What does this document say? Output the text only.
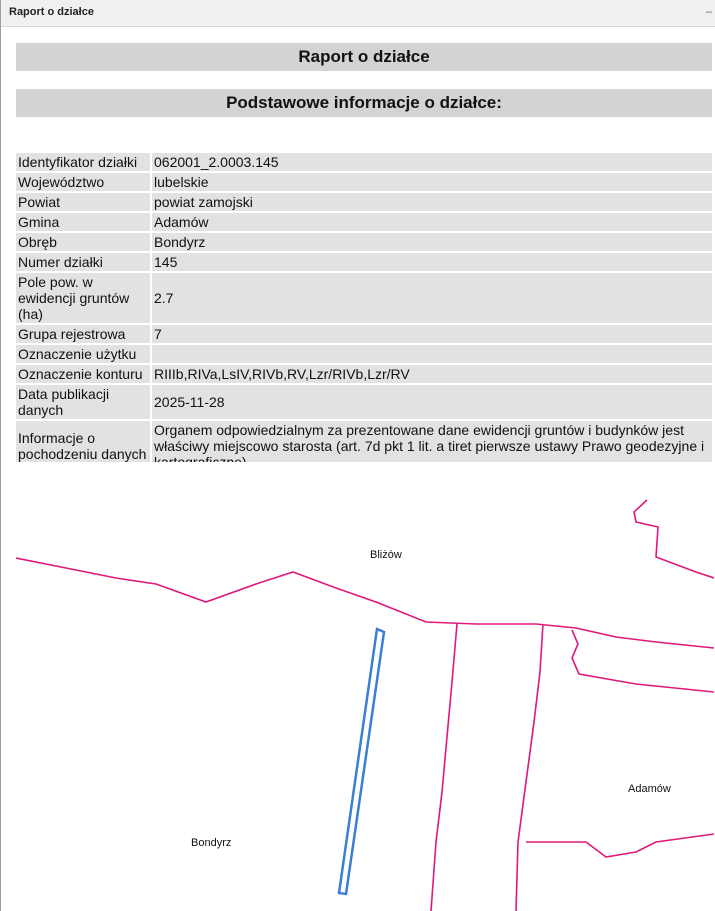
Raport o działce	–
Raport o działce
Podstawowe informacje o działce:
Identyfikator działki	062001_2.0003.145
Województwo	lubelskie
Powiat	powiat zamojski
Gmina	Adamów
Obręb	Bondyrz
Numer działki	145
Pole pow. w ewidencji gruntów (ha)	2.7
Grupa rejestrowa	7
Oznaczenie użytku	
Oznaczenie konturu	RIIIb,RIVa,LsIV,RIVb,RV,Lzr/RIVb,Lzr/RV
Data publikacji danych	2025-11-28
Informacje o pochodzeniu danych	Organem odpowiedzialnym za prezentowane dane ewidencji gruntów i budynków jest właściwy miejscowo starosta (art. 7d pkt 1 lit. a tiret pierwsze ustawy Prawo geodezyjne i
Bliżów
Bondyrz
Adamów
